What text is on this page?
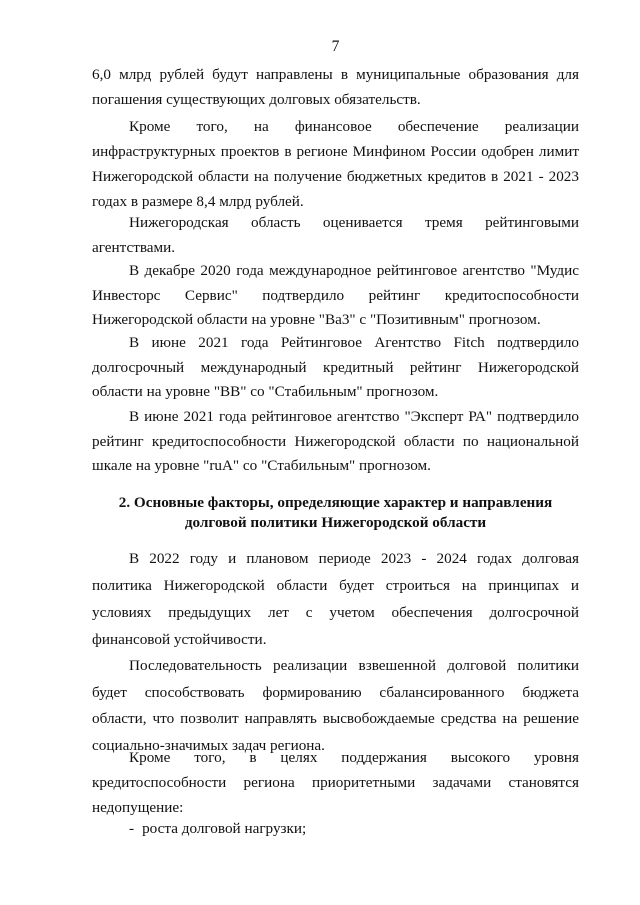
7
6,0 млрд рублей будут направлены в муниципальные образования для погашения существующих долговых обязательств.
Кроме того, на финансовое обеспечение реализации инфраструктурных проектов в регионе Минфином России одобрен лимит Нижегородской области на получение бюджетных кредитов в 2021 - 2023 годах в размере 8,4 млрд рублей.
Нижегородская область оценивается тремя рейтинговыми агентствами.
В декабре 2020 года международное рейтинговое агентство "Мудис Инвесторс Сервис" подтвердило рейтинг кредитоспособности Нижегородской области на уровне "Ba3" с "Позитивным" прогнозом.
В июне 2021 года Рейтинговое Агентство Fitch подтвердило долгосрочный международный кредитный рейтинг Нижегородской области на уровне "BB" со "Стабильным" прогнозом.
В июне 2021 года рейтинговое агентство "Эксперт РА" подтвердило рейтинг кредитоспособности Нижегородской области по национальной шкале на уровне "ruA" со "Стабильным" прогнозом.
2. Основные факторы, определяющие характер и направления
долговой политики Нижегородской области
В 2022 году и плановом периоде 2023 - 2024 годах долговая политика Нижегородской области будет строиться на принципах и условиях предыдущих лет с учетом обеспечения долгосрочной финансовой устойчивости.
Последовательность реализации взвешенной долговой политики будет способствовать формированию сбалансированного бюджета области, что позволит направлять высвобождаемые средства на решение социально-значимых задач региона.
Кроме того, в целях поддержания высокого уровня кредитоспособности региона приоритетными задачами становятся недопущение:
- роста долговой нагрузки;
